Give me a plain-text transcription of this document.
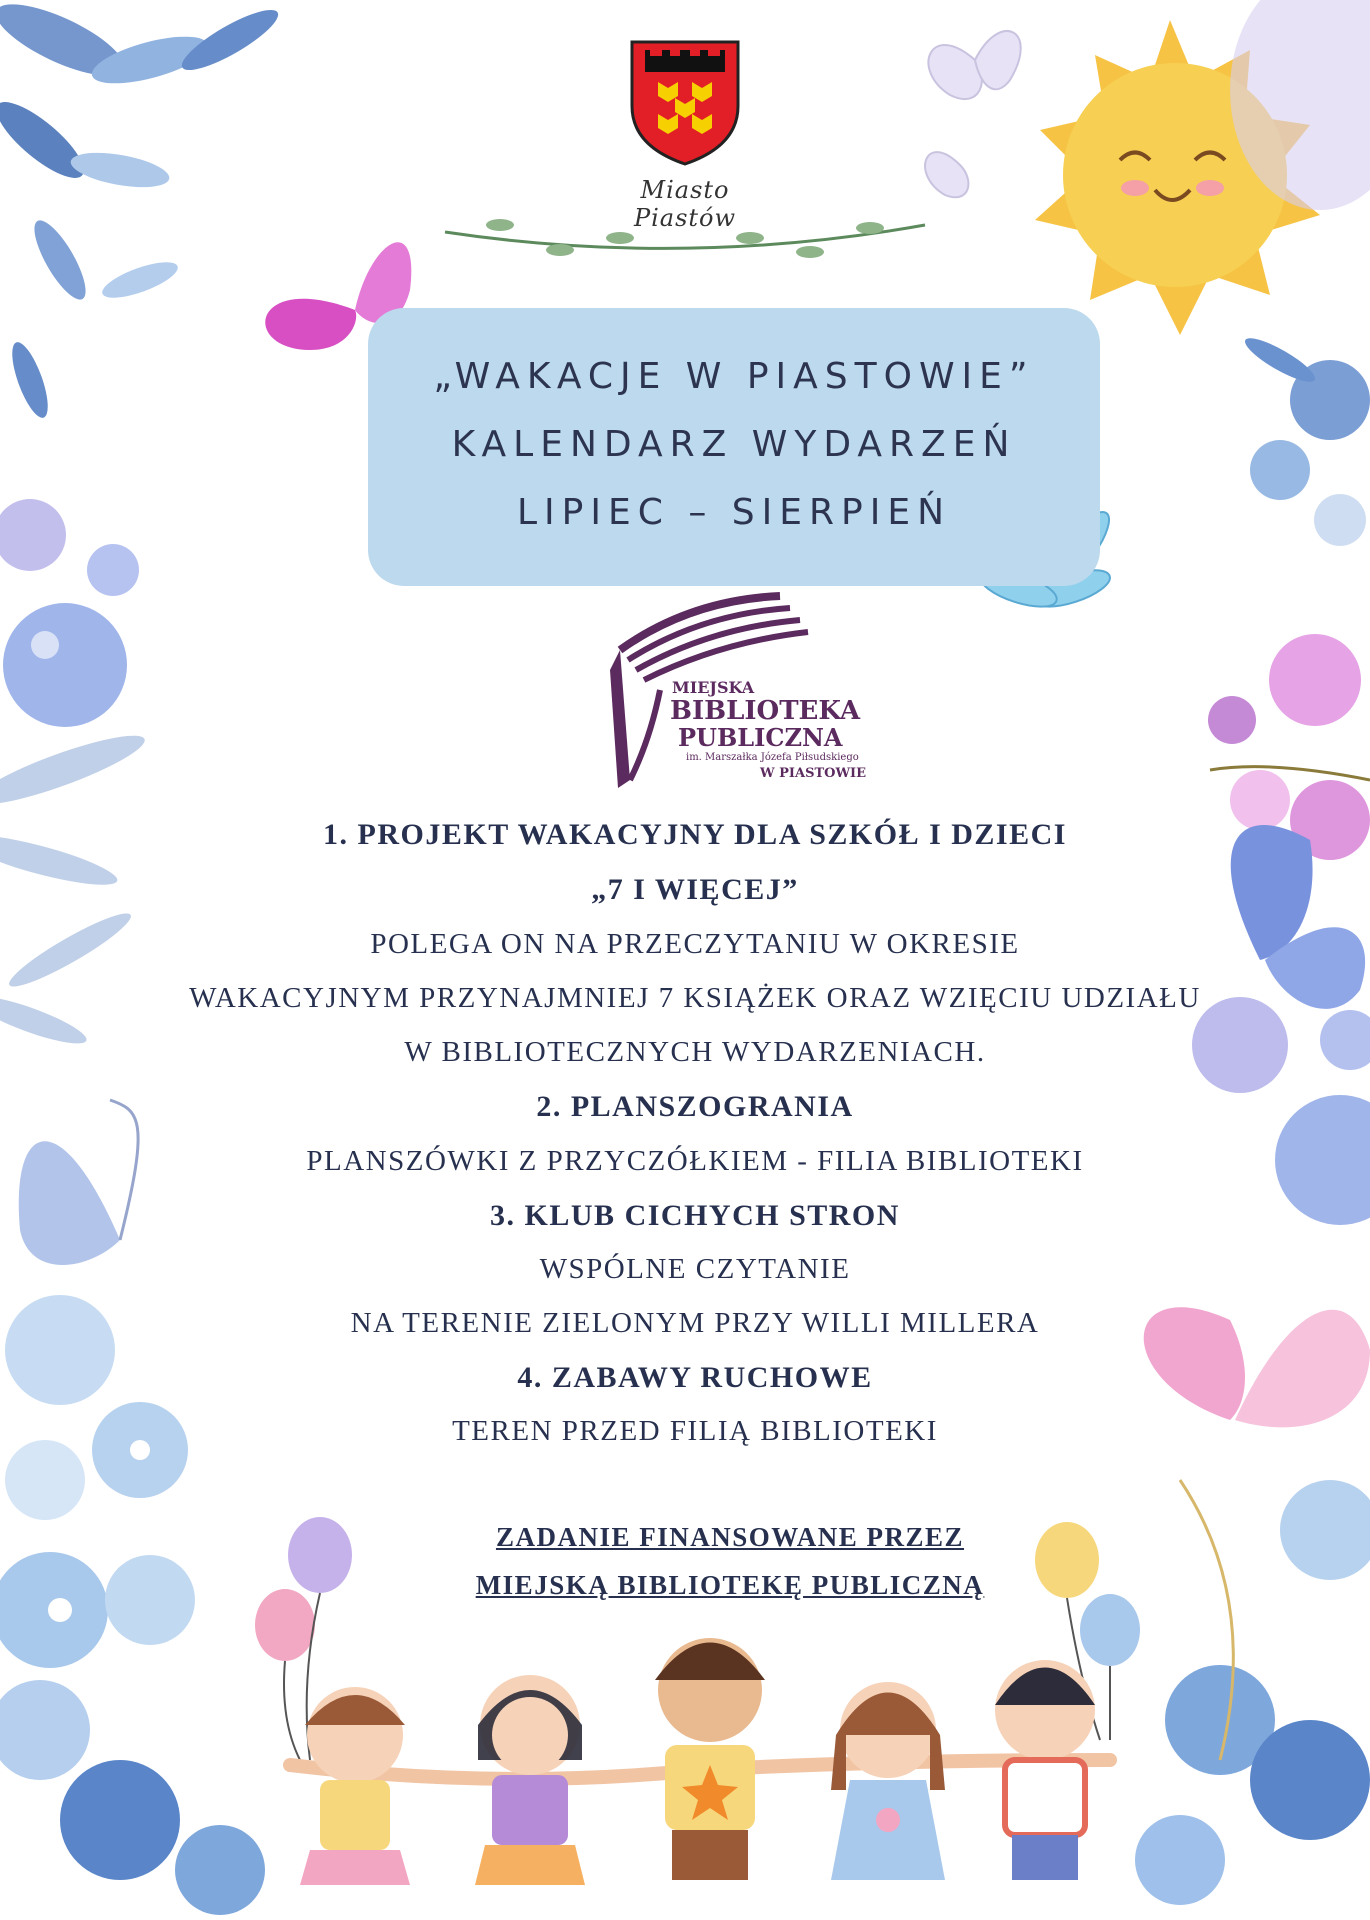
Miasto Piastów
„WAKACJE W PIASTOWIE”
KALENDARZ WYDARZEŃ
LIPIEC – SIERPIEŃ
MIEJSKA
BIBLIOTEKA
PUBLICZNA
im. Marszałka Józefa Piłsudskiego
W PIASTOWIE
1. PROJEKT WAKACYJNY DLA SZKÓŁ I DZIECI
„7 I WIĘCEJ”
POLEGA ON NA PRZECZYTANIU W OKRESIE
WAKACYJNYM PRZYNAJMNIEJ 7 KSIĄŻEK ORAZ WZIĘCIU UDZIAŁU
W BIBLIOTECZNYCH WYDARZENIACH.
2. PLANSZOGRANIA
PLANSZÓWKI Z PRZYCZÓŁKIEM - FILIA BIBLIOTEKI
3. KLUB CICHYCH STRON
WSPÓLNE CZYTANIE
NA TERENIE ZIELONYM PRZY WILLI MILLERA
4. ZABAWY RUCHOWE
TEREN PRZED FILIĄ BIBLIOTEKI
ZADANIE FINANSOWANE PRZEZ
MIEJSKĄ BIBLIOTEKĘ PUBLICZNĄ
